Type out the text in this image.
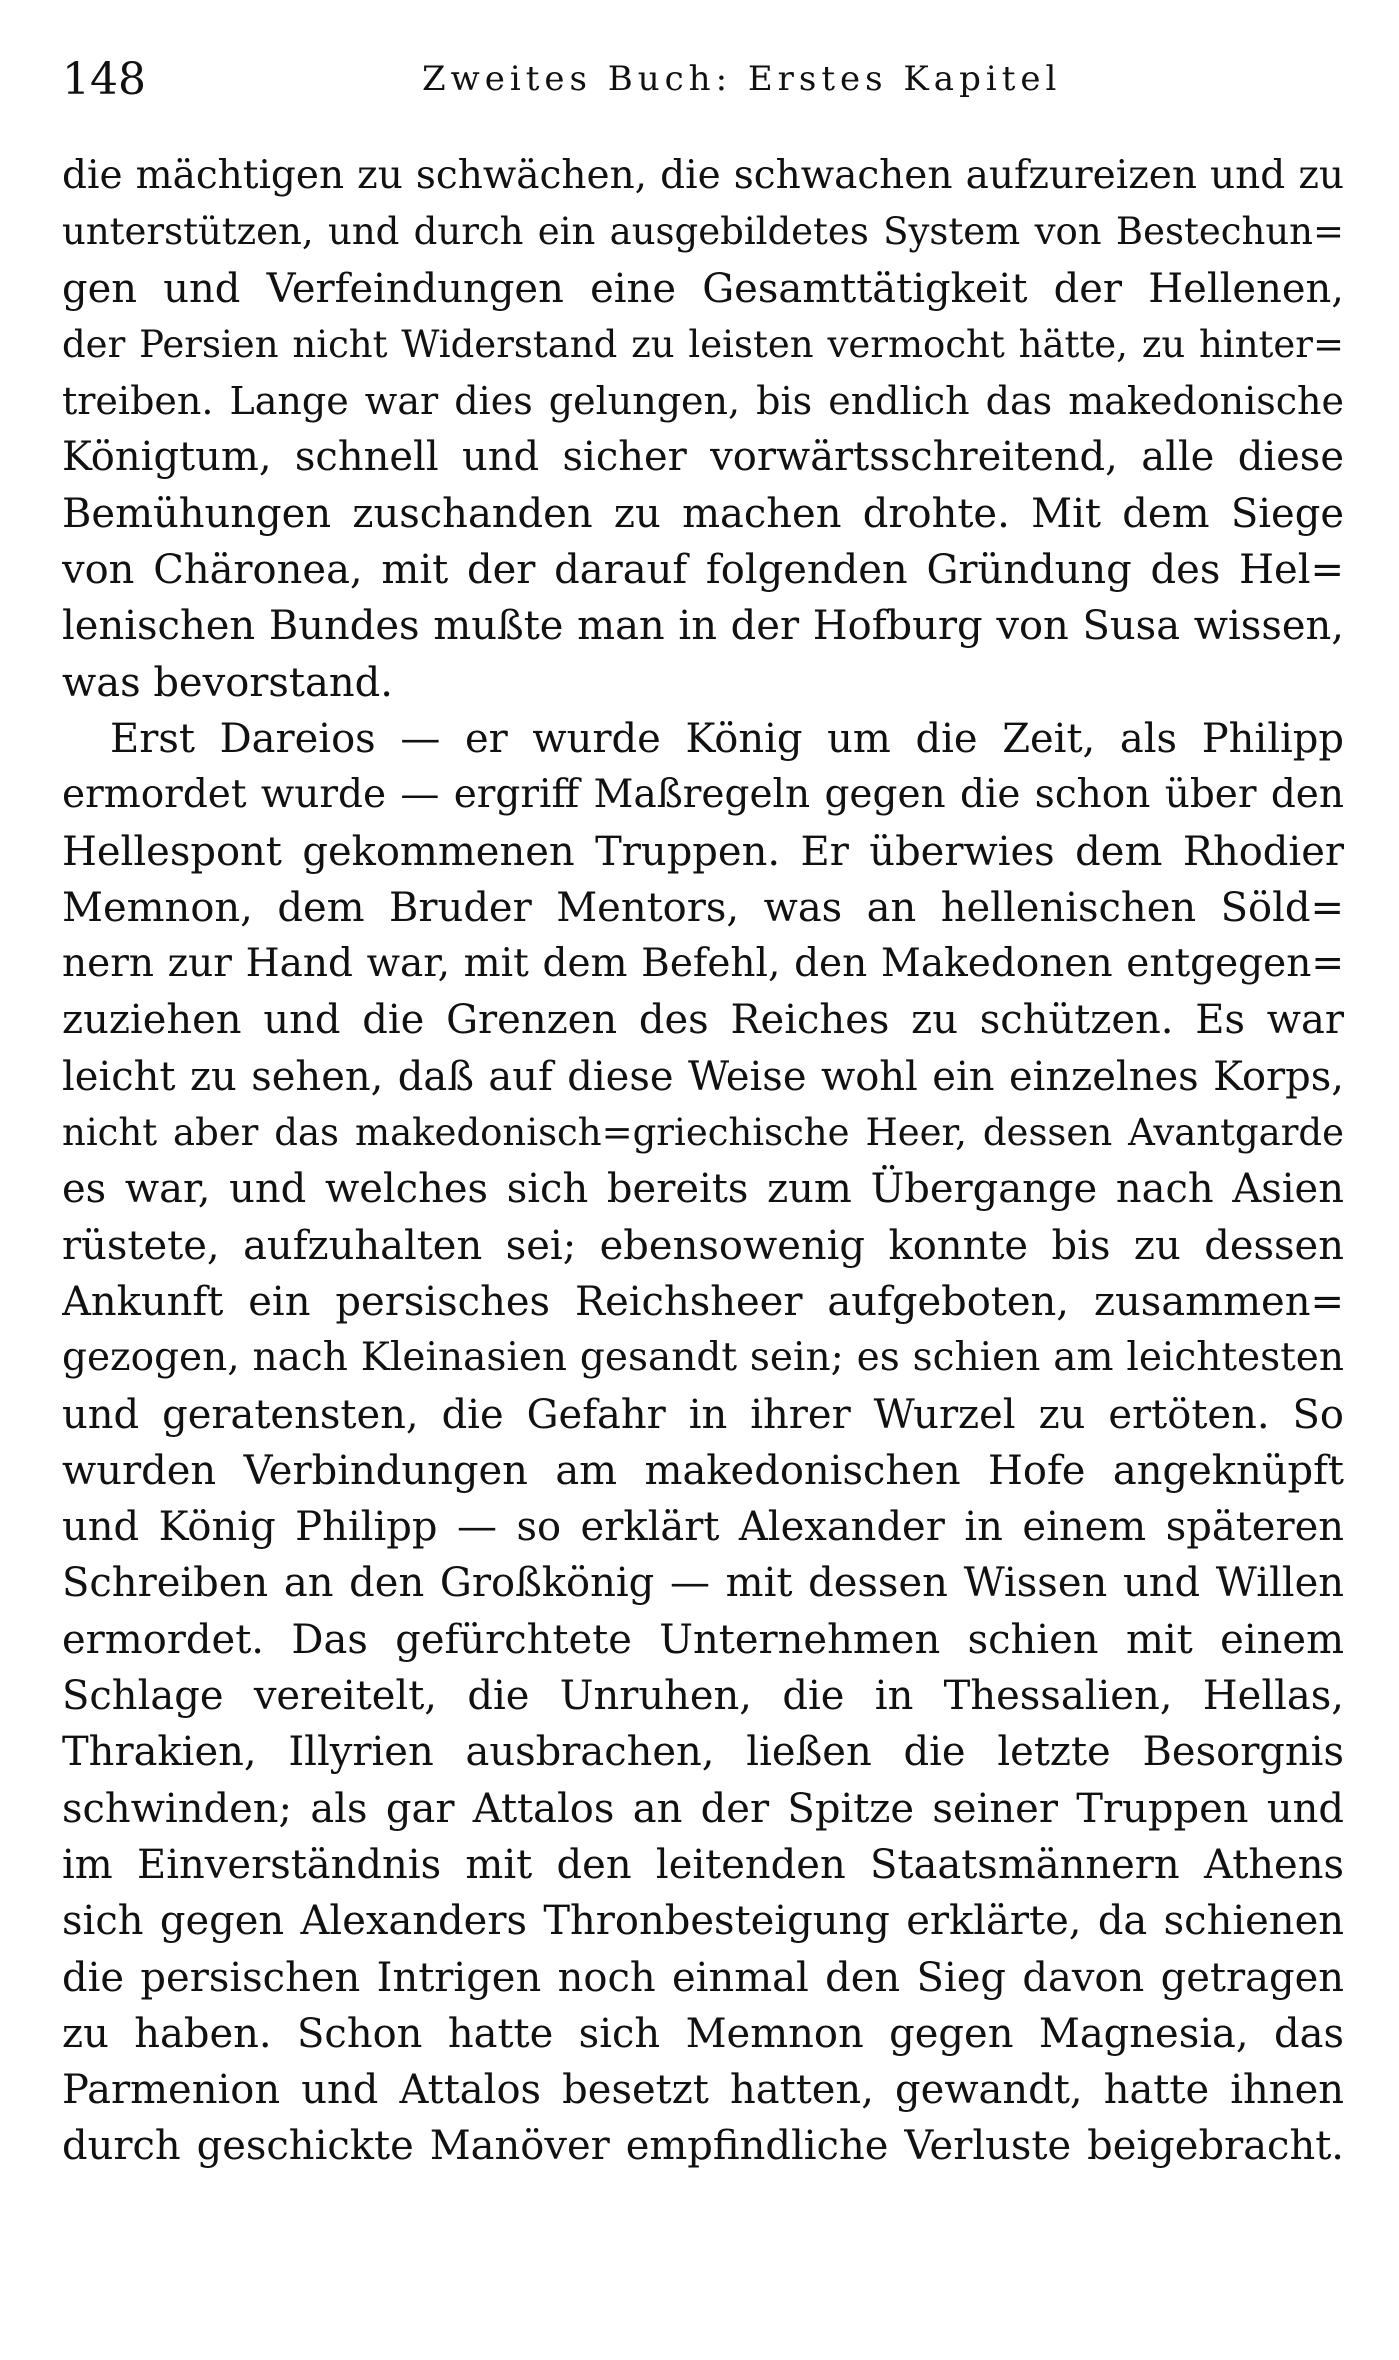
148	Zweites Buch: Erstes Kapitel
die mächtigen zu schwächen, die schwachen aufzureizen und zu
unterstützen, und durch ein ausgebildetes System von Bestechun=
gen und Verfeindungen eine Gesamttätigkeit der Hellenen,
der Persien nicht Widerstand zu leisten vermocht hätte, zu hinter=
treiben. Lange war dies gelungen, bis endlich das makedonische
Königtum, schnell und sicher vorwärtsschreitend, alle diese
Bemühungen zuschanden zu machen drohte. Mit dem Siege
von Chäronea, mit der darauf folgenden Gründung des Hel=
lenischen Bundes mußte man in der Hofburg von Susa wissen,
was bevorstand.
Erst Dareios — er wurde König um die Zeit, als Philipp
ermordet wurde — ergriff Maßregeln gegen die schon über den
Hellespont gekommenen Truppen. Er überwies dem Rhodier
Memnon, dem Bruder Mentors, was an hellenischen Söld=
nern zur Hand war, mit dem Befehl, den Makedonen entgegen=
zuziehen und die Grenzen des Reiches zu schützen. Es war
leicht zu sehen, daß auf diese Weise wohl ein einzelnes Korps,
nicht aber das makedonisch=griechische Heer, dessen Avantgarde
es war, und welches sich bereits zum Übergange nach Asien
rüstete, aufzuhalten sei; ebensowenig konnte bis zu dessen
Ankunft ein persisches Reichsheer aufgeboten, zusammen=
gezogen, nach Kleinasien gesandt sein; es schien am leichtesten
und geratensten, die Gefahr in ihrer Wurzel zu ertöten. So
wurden Verbindungen am makedonischen Hofe angeknüpft
und König Philipp — so erklärt Alexander in einem späteren
Schreiben an den Großkönig — mit dessen Wissen und Willen
ermordet. Das gefürchtete Unternehmen schien mit einem
Schlage vereitelt, die Unruhen, die in Thessalien, Hellas,
Thrakien, Illyrien ausbrachen, ließen die letzte Besorgnis
schwinden; als gar Attalos an der Spitze seiner Truppen und
im Einverständnis mit den leitenden Staatsmännern Athens
sich gegen Alexanders Thronbesteigung erklärte, da schienen
die persischen Intrigen noch einmal den Sieg davon getragen
zu haben. Schon hatte sich Memnon gegen Magnesia, das
Parmenion und Attalos besetzt hatten, gewandt, hatte ihnen
durch geschickte Manöver empfindliche Verluste beigebracht.
